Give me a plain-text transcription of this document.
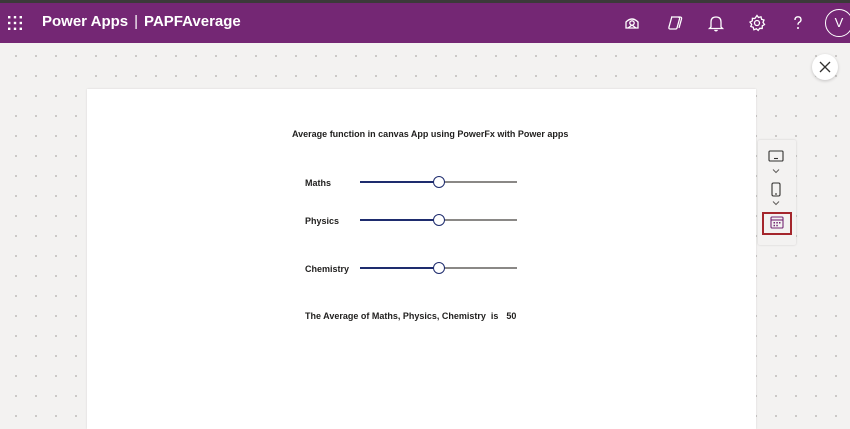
Power Apps | PAPFAverage	V
Average function in canvas App using PowerFx with Power apps
Maths
Physics
Chemistry
The Average of Maths, Physics, Chemistry  is 50
